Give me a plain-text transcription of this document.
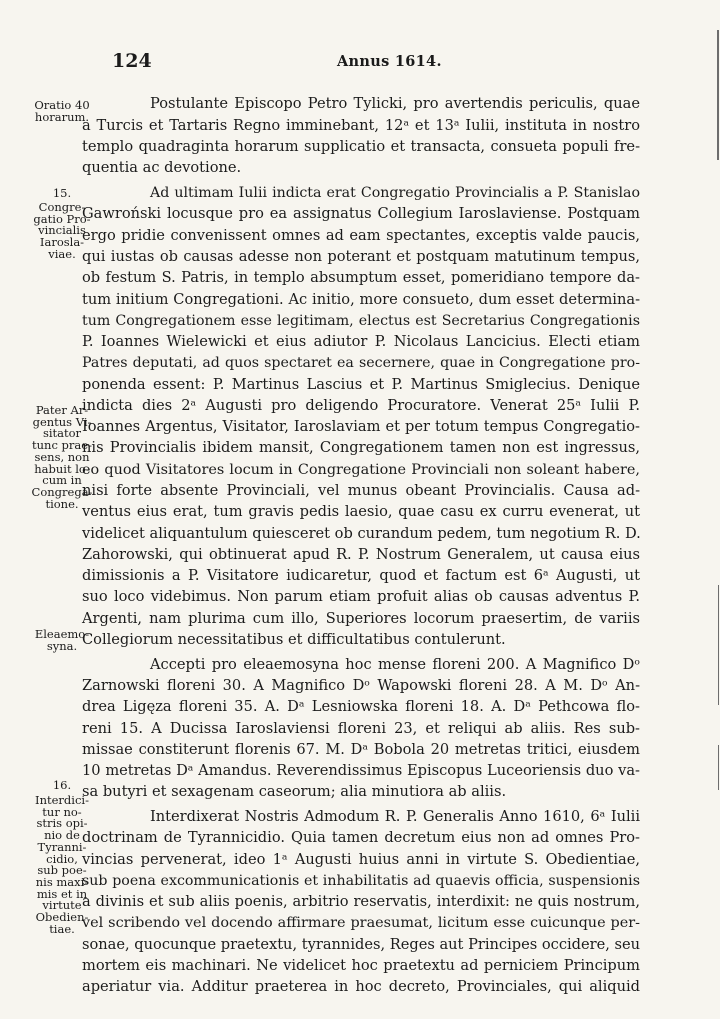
124	Annus 1614.
Oratio 40
horarum.
15.
Congre-
gatio Pro-
vincialis
Iarosla-
viae.
Pater Ar-
gentus Vi-
sitator
tunc prae-
sens, non
habuit lo-
cum in
Congrega-
tione.
Eleaemo-
syna.
16.
Interdici-
tur no-
stris opi-
nio de
Tyranni-
cidio,
sub poe-
nis maxi-
mis et in
virtute
Obedien-
tiae.
Postulante Episcopo Petro Tylicki, pro avertendis periculis, quae
a Turcis et Tartaris Regno imminebant, 12ᵃ et 13ᵃ Iulii, instituta in nostro
templo quadraginta horarum supplicatio et transacta, consueta populi fre-
quentia ac devotione.
Ad ultimam Iulii indicta erat Congregatio Provincialis a P. Stanislao
Gawroński locusque pro ea assignatus Collegium Iaroslaviense. Postquam
ergo pridie convenissent omnes ad eam spectantes, exceptis valde paucis,
qui iustas ob causas adesse non poterant et postquam matutinum tempus,
ob festum S. Patris, in templo absumptum esset, pomeridiano tempore da-
tum initium Congregationi. Ac initio, more consueto, dum esset determina-
tum Congregationem esse legitimam, electus est Secretarius Congregationis
P. Ioannes Wielewicki et eius adiutor P. Nicolaus Lancicius. Electi etiam
Patres deputati, ad quos spectaret ea secernere, quae in Congregatione pro-
ponenda essent: P. Martinus Lascius et P. Martinus Smiglecius. Denique
indicta dies 2ᵃ Augusti pro deligendo Procuratore. Venerat 25ᵃ Iulii P.
Ioannes Argentus, Visitator, Iaroslaviam et per totum tempus Congregatio-
nis Provincialis ibidem mansit, Congregationem tamen non est ingressus,
eo quod Visitatores locum in Congregatione Provinciali non soleant habere,
nisi forte absente Provinciali, vel munus obeant Provincialis. Causa ad-
ventus eius erat, tum gravis pedis laesio, quae casu ex curru evenerat, ut
videlicet aliquantulum quiesceret ob curandum pedem, tum negotium R. D.
Zahorowski, qui obtinuerat apud R. P. Nostrum Generalem, ut causa eius
dimissionis a P. Visitatore iudicaretur, quod et factum est 6ᵃ Augusti, ut
suo loco videbimus. Non parum etiam profuit alias ob causas adventus P.
Argenti, nam plurima cum illo, Superiores locorum praesertim, de variis
Collegiorum necessitatibus et difficultatibus contulerunt.
Accepti pro eleaemosyna hoc mense floreni 200. A Magnifico Dᵒ
Zarnowski floreni 30. A Magnifico Dᵒ Wapowski floreni 28. A M. Dᵒ An-
drea Ligęza floreni 35. A. Dᵃ Lesniowska floreni 18. A. Dᵃ Pethcowa flo-
reni 15. A Ducissa Iaroslaviensi floreni 23, et reliqui ab aliis. Res sub-
missae constiterunt florenis 67. M. Dᵃ Bobola 20 metretas tritici, eiusdem
10 metretas Dᵃ Amandus. Reverendissimus Episcopus Luceoriensis duo va-
sa butyri et sexagenam caseorum; alia minutiora ab aliis.
Interdixerat Nostris Admodum R. P. Generalis Anno 1610, 6ᵃ Iulii
doctrinam de Tyrannicidio. Quia tamen decretum eius non ad omnes Pro-
vincias pervenerat, ideo 1ᵃ Augusti huius anni in virtute S. Obedientiae,
sub poena excommunicationis et inhabilitatis ad quaevis officia, suspensionis
a divinis et sub aliis poenis, arbitrio reservatis, interdixit: ne quis nostrum,
vel scribendo vel docendo affirmare praesumat, licitum esse cuicunque per-
sonae, quocunque praetextu, tyrannides, Reges aut Principes occidere, seu
mortem eis machinari. Ne videlicet hoc praetextu ad perniciem Principum
aperiatur via. Additur praeterea in hoc decreto, Provinciales, qui aliquid
